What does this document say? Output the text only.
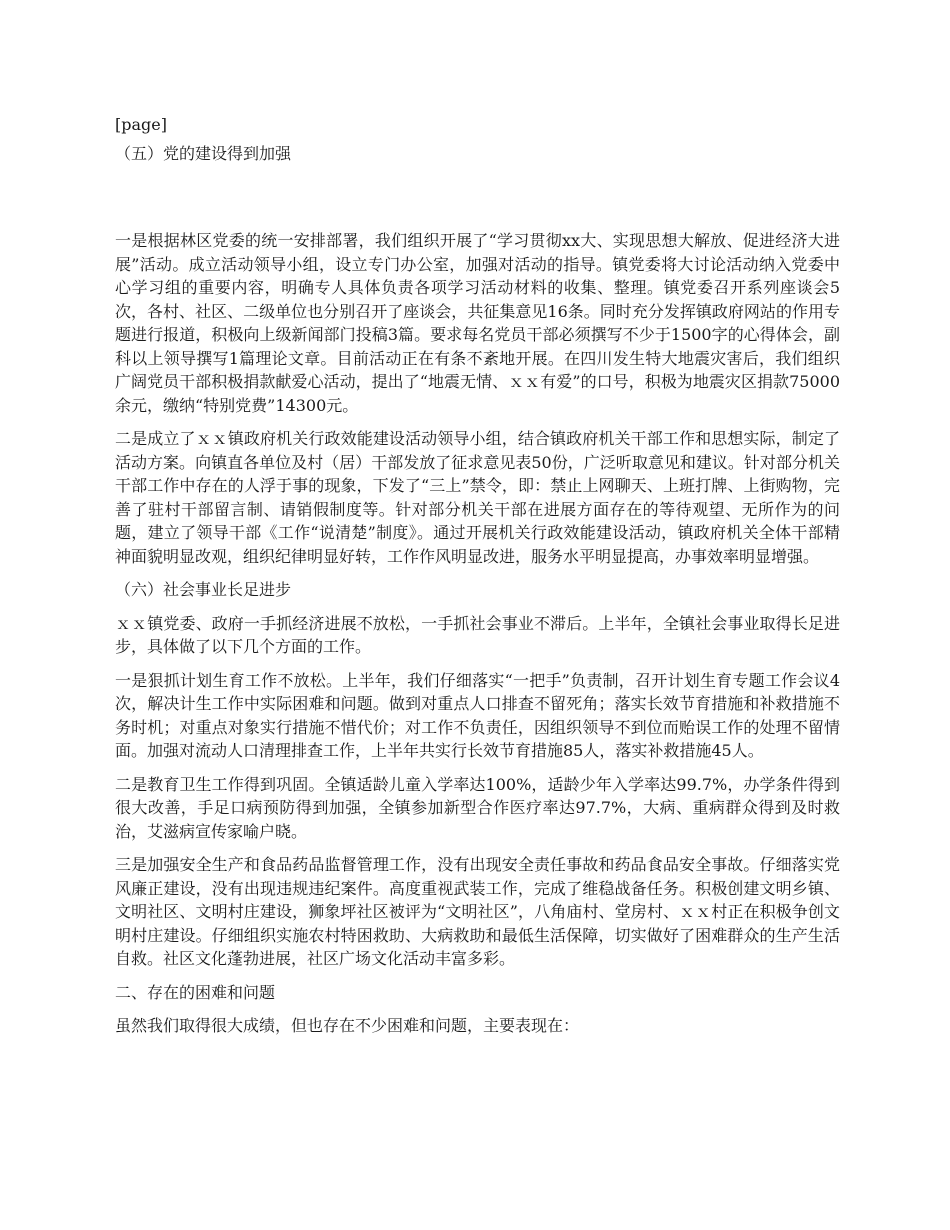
[page]

（五）党的建设得到加强

一是根据林区党委的统一安排部署，我们组织开展了“学习贯彻xx大、实现思想大解放、促进经济大进展”活动。成立活动领导小组，设立专门办公室，加强对活动的指导。镇党委将大讨论活动纳入党委中心学习组的重要内容，明确专人具体负责各项学习活动材料的收集、整理。镇党委召开系列座谈会5次，各村、社区、二级单位也分别召开了座谈会，共征集意见16条。同时充分发挥镇政府网站的作用专题进行报道，积极向上级新闻部门投稿3篇。要求每名党员干部必须撰写不少于1500字的心得体会，副科以上领导撰写1篇理论文章。目前活动正在有条不紊地开展。在四川发生特大地震灾害后，我们组织广阔党员干部积极捐款献爱心活动，提出了“地震无情、ｘｘ有爱”的口号，积极为地震灾区捐款75000余元，缴纳“特别党费”14300元。

二是成立了ｘｘ镇政府机关行政效能建设活动领导小组，结合镇政府机关干部工作和思想实际，制定了活动方案。向镇直各单位及村（居）干部发放了征求意见表50份，广泛听取意见和建议。针对部分机关干部工作中存在的人浮于事的现象，下发了“三上”禁令，即：禁止上网聊天、上班打牌、上街购物，完善了驻村干部留言制、请销假制度等。针对部分机关干部在进展方面存在的等待观望、无所作为的问题，建立了领导干部《工作“说清楚”制度》。通过开展机关行政效能建设活动，镇政府机关全体干部精神面貌明显改观，组织纪律明显好转，工作作风明显改进，服务水平明显提高，办事效率明显增强。

（六）社会事业长足进步

ｘｘ镇党委、政府一手抓经济进展不放松，一手抓社会事业不滞后。上半年，全镇社会事业取得长足进步，具体做了以下几个方面的工作。

一是狠抓计划生育工作不放松。上半年，我们仔细落实“一把手”负责制，召开计划生育专题工作会议4次，解决计生工作中实际困难和问题。做到对重点人口排查不留死角；落实长效节育措施和补救措施不务时机；对重点对象实行措施不惜代价；对工作不负责任，因组织领导不到位而贻误工作的处理不留情面。加强对流动人口清理排查工作，上半年共实行长效节育措施85人，落实补救措施45人。

二是教育卫生工作得到巩固。全镇适龄儿童入学率达100%，适龄少年入学率达99.7%，办学条件得到很大改善，手足口病预防得到加强，全镇参加新型合作医疗率达97.7%，大病、重病群众得到及时救治，艾滋病宣传家喻户晓。

三是加强安全生产和食品药品监督管理工作，没有出现安全责任事故和药品食品安全事故。仔细落实党风廉正建设，没有出现违规违纪案件。高度重视武装工作，完成了维稳战备任务。积极创建文明乡镇、文明社区、文明村庄建设，狮象坪社区被评为“文明社区”，八角庙村、堂房村、ｘｘ村正在积极争创文明村庄建设。仔细组织实施农村特困救助、大病救助和最低生活保障，切实做好了困难群众的生产生活自救。社区文化蓬勃进展，社区广场文化活动丰富多彩。

二、存在的困难和问题

虽然我们取得很大成绩，但也存在不少困难和问题，主要表现在：
